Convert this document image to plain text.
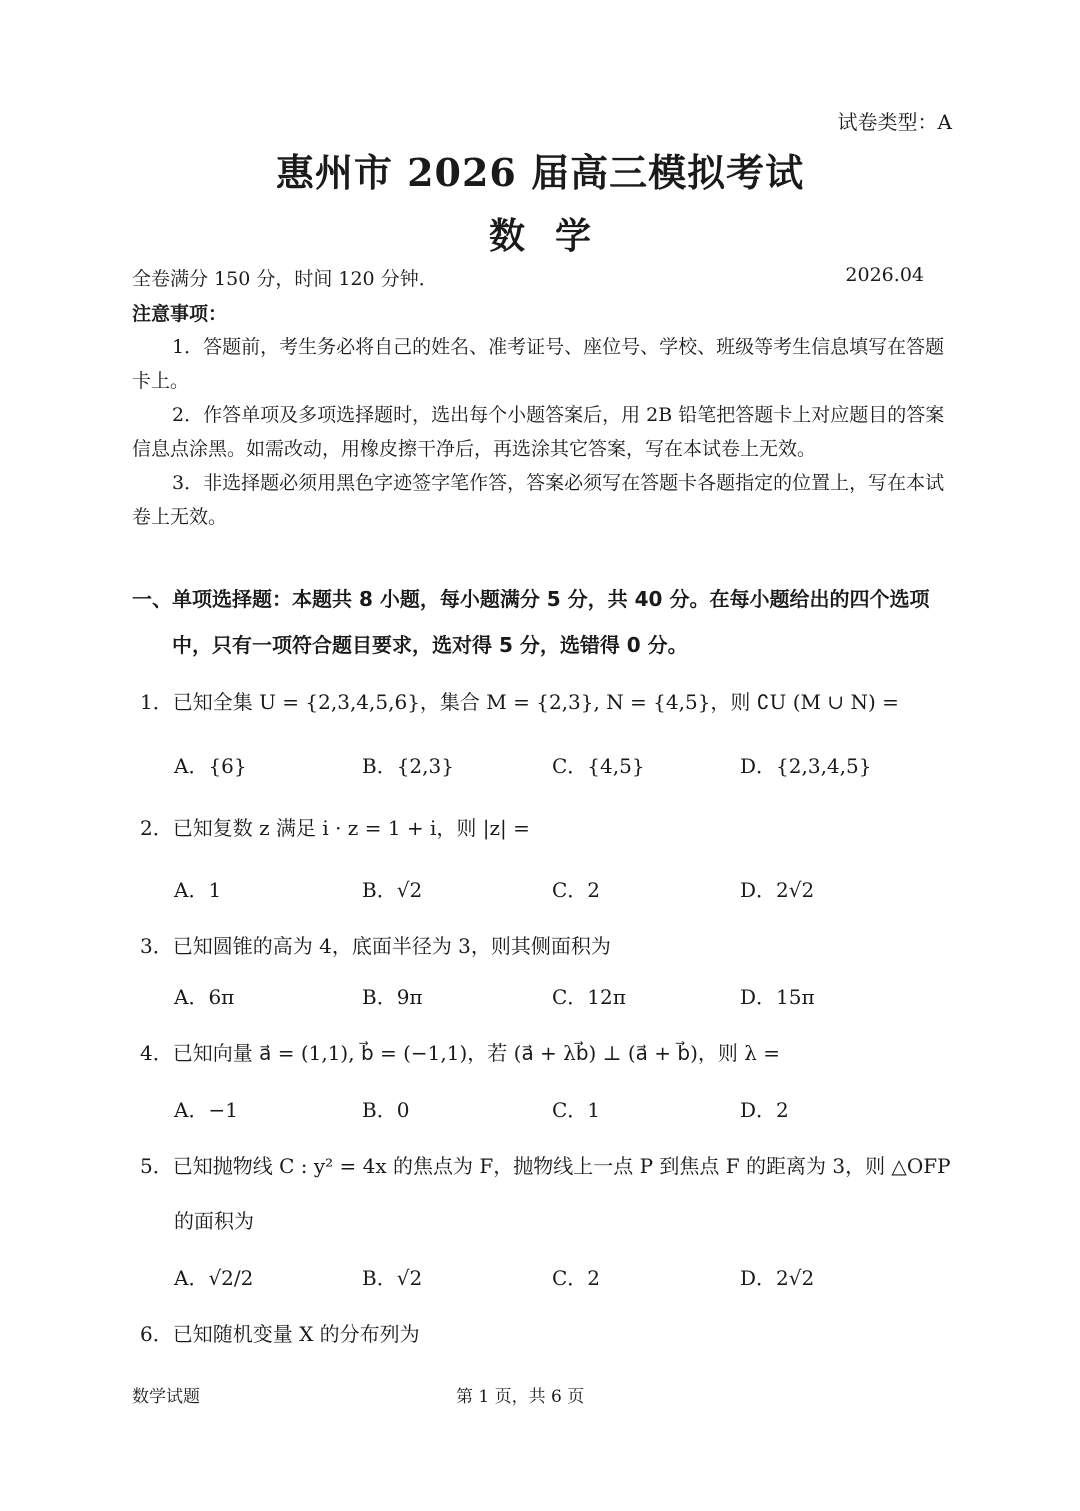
试卷类型：A
惠州市 2026 届高三模拟考试
数学
全卷满分 150 分，时间 120 分钟．	2026.04
注意事项：
1．答题前，考生务必将自己的姓名、准考证号、座位号、学校、班级等考生信息填写在答题卡上。
2．作答单项及多项选择题时，选出每个小题答案后，用 2B 铅笔把答题卡上对应题目的答案信息点涂黑。如需改动，用橡皮擦干净后，再选涂其它答案，写在本试卷上无效。
3．非选择题必须用黑色字迹签字笔作答，答案必须写在答题卡各题指定的位置上，写在本试卷上无效。
一、单项选择题：本题共 8 小题，每小题满分 5 分，共 40 分。在每小题给出的四个选项
中，只有一项符合题目要求，选对得 5 分，选错得 0 分。
1．已知全集 U = {2,3,4,5,6}，集合 M = {2,3}, N = {4,5}，则 ∁U (M ∪ N) =
A．{6}	B．{2,3}	C．{4,5}	D．{2,3,4,5}
2．已知复数 z 满足 i · z = 1 + i，则 |z| =
A．1	B．√2	C．2	D．2√2
3．已知圆锥的高为 4，底面半径为 3，则其侧面积为
A．6π	B．9π	C．12π	D．15π
4．已知向量 a⃗ = (1,1), b⃗ = (−1,1)，若 (a⃗ + λb⃗) ⊥ (a⃗ + b⃗)，则 λ =
A．−1	B．0	C．1	D．2
5．已知抛物线 C : y² = 4x 的焦点为 F，抛物线上一点 P 到焦点 F 的距离为 3，则 △OFP
的面积为
A．√2/2	B．√2	C．2	D．2√2
6．已知随机变量 X 的分布列为
数学试题	第 1 页，共 6 页
